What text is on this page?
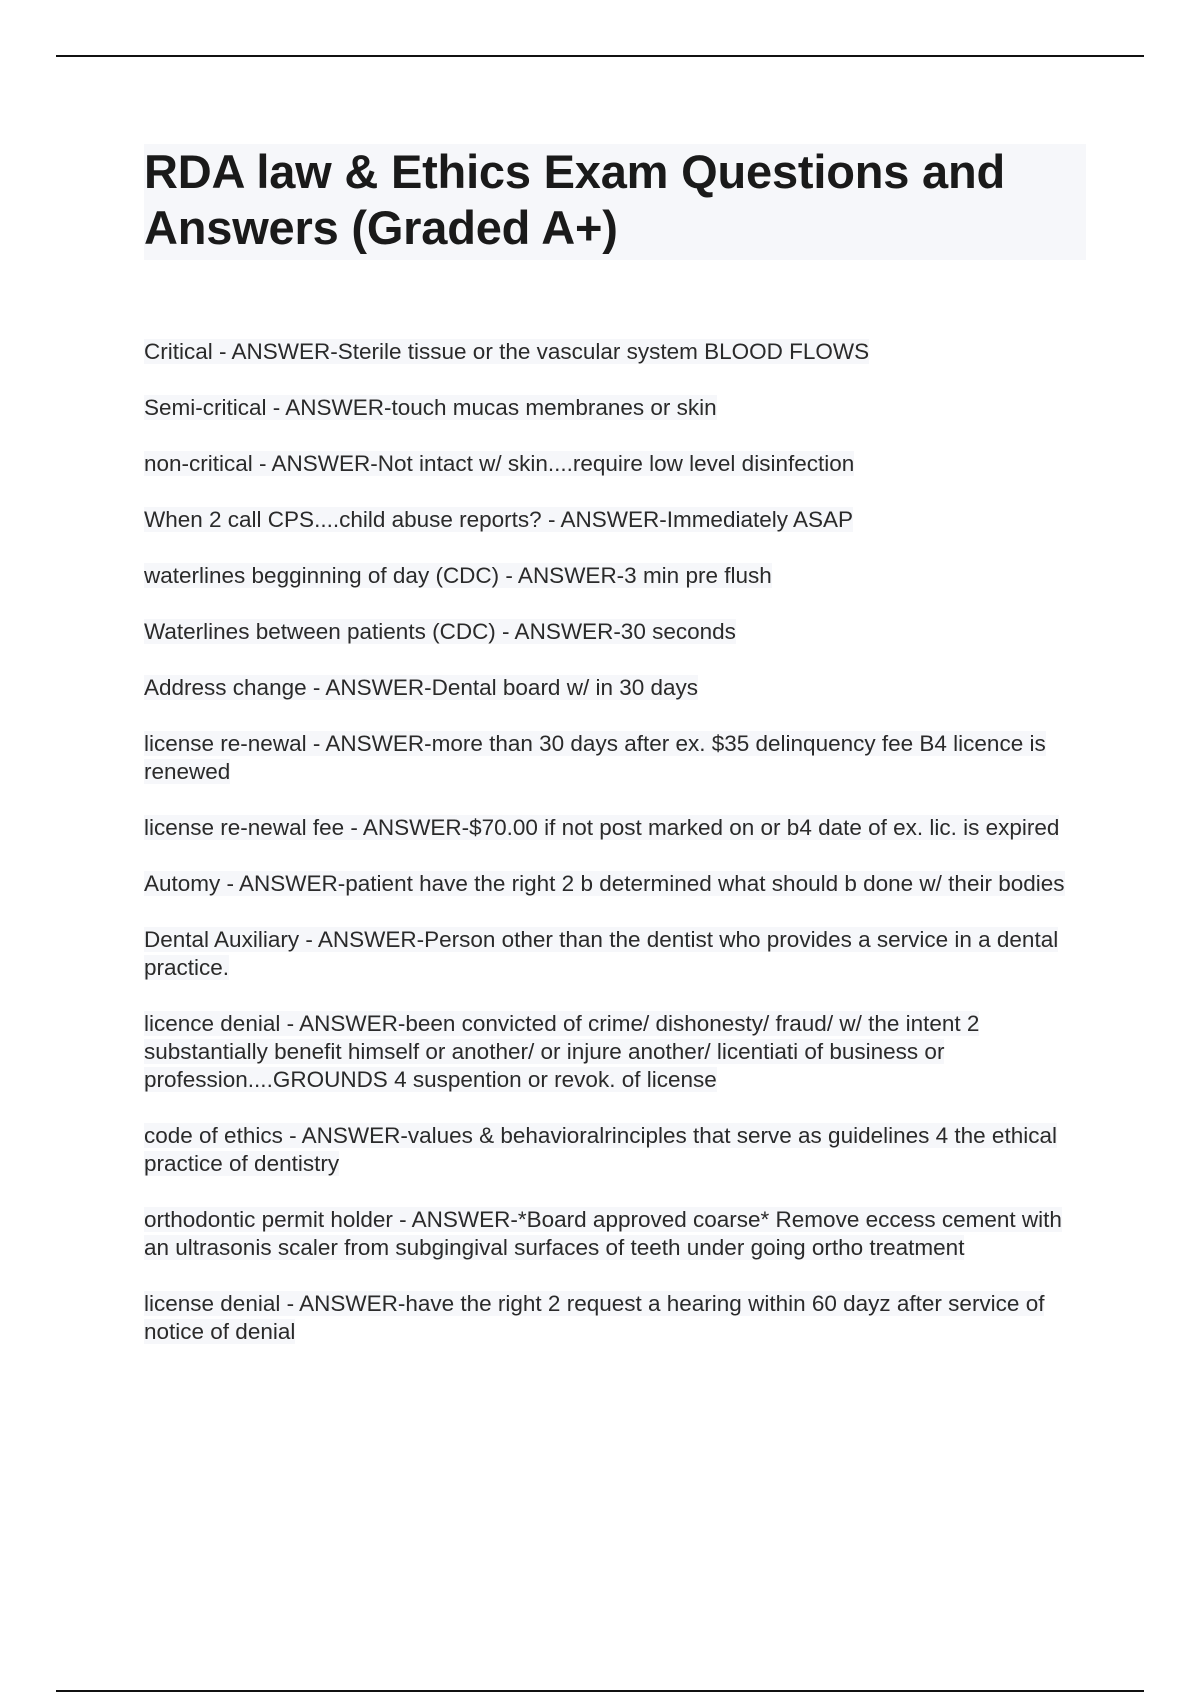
RDA law & Ethics Exam Questions and Answers (Graded A+)
Critical - ANSWER-Sterile tissue or the vascular system BLOOD FLOWS
Semi-critical - ANSWER-touch mucas membranes or skin
non-critical - ANSWER-Not intact w/ skin....require low level disinfection
When 2 call CPS....child abuse reports? - ANSWER-Immediately ASAP
waterlines begginning of day (CDC) - ANSWER-3 min pre flush
Waterlines between patients (CDC) - ANSWER-30 seconds
Address change - ANSWER-Dental board w/ in 30 days
license re-newal - ANSWER-more than 30 days after ex. $35 delinquency fee B4 licence is renewed
license re-newal fee - ANSWER-$70.00 if not post marked on or b4 date of ex. lic. is expired
Automy - ANSWER-patient have the right 2 b determined what should b done w/ their bodies
Dental Auxiliary - ANSWER-Person other than the dentist who provides a service in a dental practice.
licence denial - ANSWER-been convicted of crime/ dishonesty/ fraud/ w/ the intent 2 substantially benefit himself or another/ or injure another/ licentiati of business or profession....GROUNDS 4 suspention or revok. of license
code of ethics - ANSWER-values & behavioralrinciples that serve as guidelines 4 the ethical practice of dentistry
orthodontic permit holder - ANSWER-*Board approved coarse* Remove eccess cement with an ultrasonis scaler from subgingival surfaces of teeth under going ortho treatment
license denial - ANSWER-have the right 2 request a hearing within 60 dayz after service of notice of denial
